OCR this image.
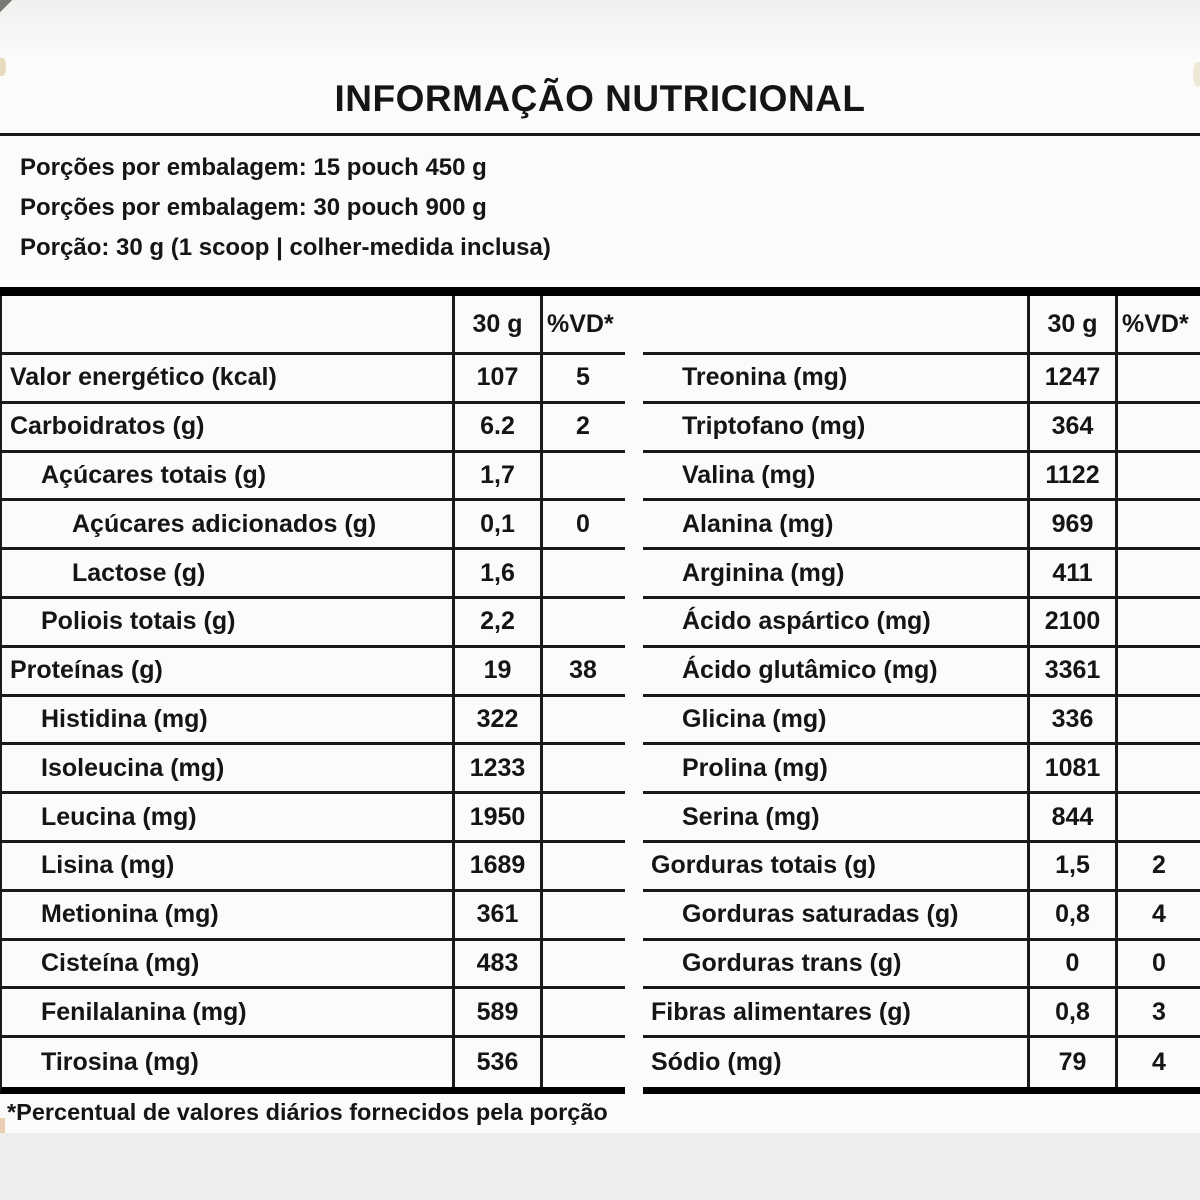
INFORMAÇÃO NUTRICIONAL

Porções por embalagem: 15 pouch 450 g

Porções por embalagem: 30 pouch 900 g

Porção: 30 g (1 scoop | colher-medida inclusa)

30 g %VD*
Valor energético (kcal)	107	5
Carboidratos (g)	6.2	2
Açúcares totais (g)	1,7
Açúcares adicionados (g)	0,1	0
Lactose (g)	1,6
Poliois totais (g)	2,2
Proteínas (g)	19	38
Histidina (mg)	322
Isoleucina (mg)	1233
Leucina (mg)	1950
Lisina (mg)	1689
Metionina (mg)	361
Cisteína (mg)	483
Fenilalanina (mg)	589
Tirosina (mg)	536
30 g %VD*
Treonina (mg)	1247
Triptofano (mg)	364
Valina (mg)	1122
Alanina (mg)	969
Arginina (mg)	411
Ácido aspártico (mg)	2100
Ácido glutâmico (mg)	3361
Glicina (mg)	336
Prolina (mg)	1081
Serina (mg)	844
Gorduras totais (g)	1,5	2
Gorduras saturadas (g)	0,8	4
Gorduras trans (g)	0	0
Fibras alimentares (g)	0,8	3
Sódio (mg)	79	4

*Percentual de valores diários fornecidos pela porção
